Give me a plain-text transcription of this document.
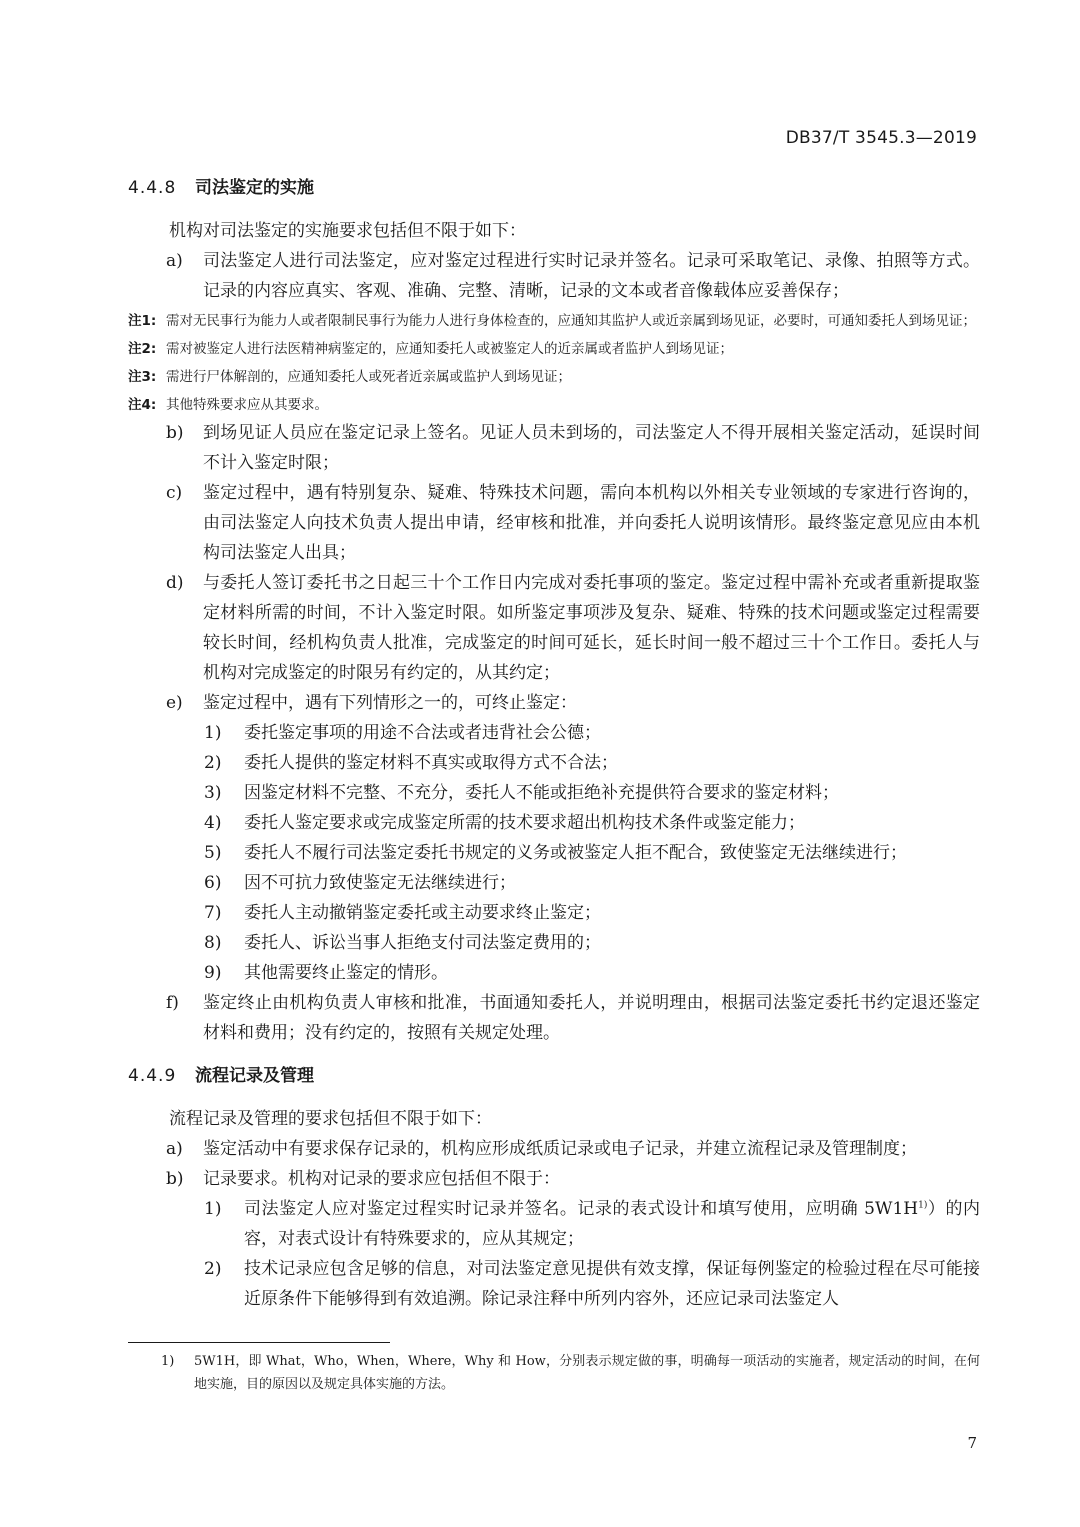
DB37/T 3545.3—2019
4.4.8 司法鉴定的实施
机构对司法鉴定的实施要求包括但不限于如下：
a)	司法鉴定人进行司法鉴定，应对鉴定过程进行实时记录并签名。记录可采取笔记、录像、拍照等方式。记录的内容应真实、客观、准确、完整、清晰，记录的文本或者音像载体应妥善保存；
注1: 需对无民事行为能力人或者限制民事行为能力人进行身体检查的，应通知其监护人或近亲属到场见证，必要时，可通知委托人到场见证；
注2: 需对被鉴定人进行法医精神病鉴定的，应通知委托人或被鉴定人的近亲属或者监护人到场见证；
注3: 需进行尸体解剖的，应通知委托人或死者近亲属或监护人到场见证；
注4: 其他特殊要求应从其要求。
b)	到场见证人员应在鉴定记录上签名。见证人员未到场的，司法鉴定人不得开展相关鉴定活动，延误时间不计入鉴定时限；
c)	鉴定过程中，遇有特别复杂、疑难、特殊技术问题，需向本机构以外相关专业领域的专家进行咨询的，由司法鉴定人向技术负责人提出申请，经审核和批准，并向委托人说明该情形。最终鉴定意见应由本机构司法鉴定人出具；
d)	与委托人签订委托书之日起三十个工作日内完成对委托事项的鉴定。鉴定过程中需补充或者重新提取鉴定材料所需的时间，不计入鉴定时限。如所鉴定事项涉及复杂、疑难、特殊的技术问题或鉴定过程需要较长时间，经机构负责人批准，完成鉴定的时间可延长，延长时间一般不超过三十个工作日。委托人与机构对完成鉴定的时限另有约定的，从其约定；
e)	鉴定过程中，遇有下列情形之一的，可终止鉴定：
1)	委托鉴定事项的用途不合法或者违背社会公德；
2)	委托人提供的鉴定材料不真实或取得方式不合法；
3)	因鉴定材料不完整、不充分，委托人不能或拒绝补充提供符合要求的鉴定材料；
4)	委托人鉴定要求或完成鉴定所需的技术要求超出机构技术条件或鉴定能力；
5)	委托人不履行司法鉴定委托书规定的义务或被鉴定人拒不配合，致使鉴定无法继续进行；
6)	因不可抗力致使鉴定无法继续进行；
7)	委托人主动撤销鉴定委托或主动要求终止鉴定；
8)	委托人、诉讼当事人拒绝支付司法鉴定费用的；
9)	其他需要终止鉴定的情形。
f)	鉴定终止由机构负责人审核和批准，书面通知委托人，并说明理由，根据司法鉴定委托书约定退还鉴定材料和费用；没有约定的，按照有关规定处理。
4.4.9 流程记录及管理
流程记录及管理的要求包括但不限于如下：
a)	鉴定活动中有要求保存记录的，机构应形成纸质记录或电子记录，并建立流程记录及管理制度；
b)	记录要求。机构对记录的要求应包括但不限于：
1)	司法鉴定人应对鉴定过程实时记录并签名。记录的表式设计和填写使用，应明确 $5W1H^{1)}$）的内容，对表式设计有特殊要求的，应从其规定；
2)	技术记录应包含足够的信息，对司法鉴定意见提供有效支撑，保证每例鉴定的检验过程在尽可能接近原条件下能够得到有效追溯。除记录注释中所列内容外，还应记录司法鉴定人
1)	5W1H，即 What，Who，When，Where，Why 和 How，分别表示规定做的事，明确每一项活动的实施者，规定活动的时间，在何地实施，目的原因以及规定具体实施的方法。
7
